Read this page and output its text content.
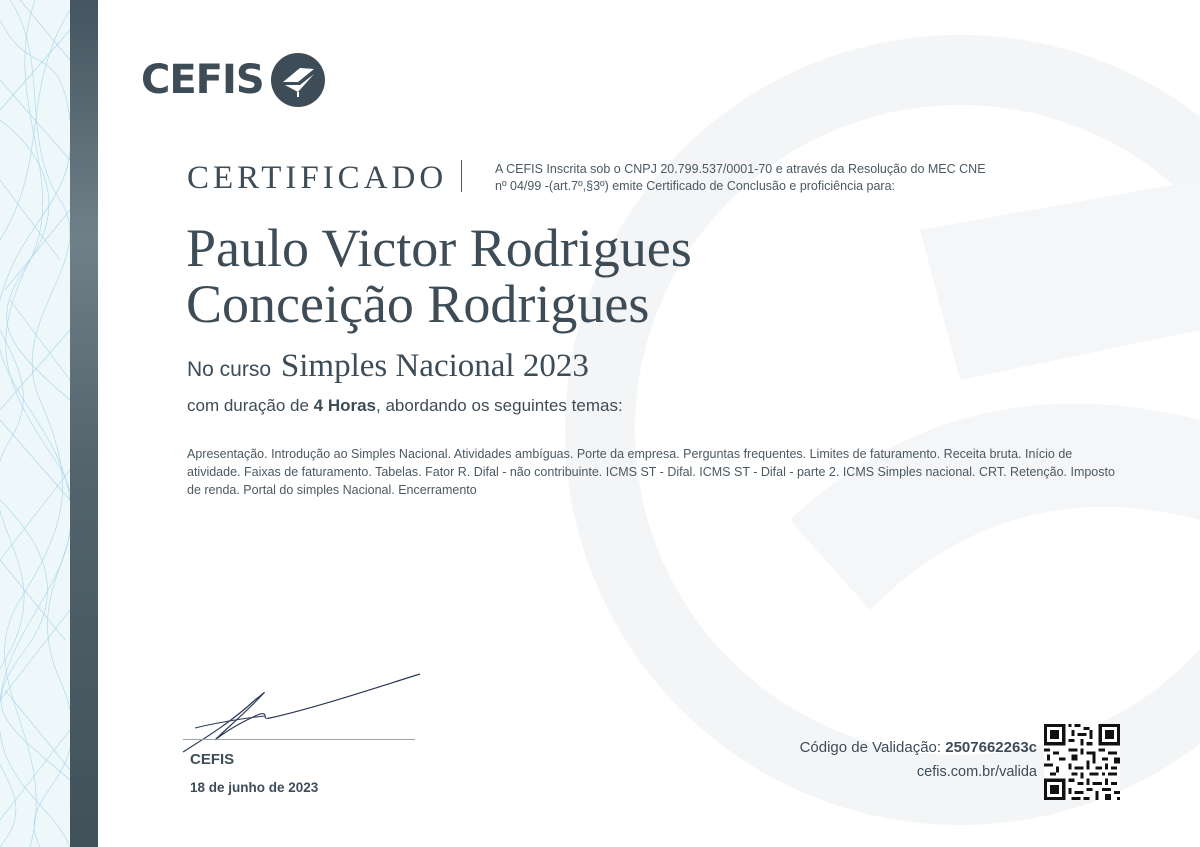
CEFIS
CERTIFICADO	A CEFIS Inscrita sob o CNPJ 20.799.537/0001-70 e através da Resolução do MEC CNE
nº 04/99 -(art.7º,§3º) emite Certificado de Conclusão e proficiência para:
Paulo Victor Rodrigues
Conceição Rodrigues
No curso Simples Nacional 2023
com duração de 4 Horas, abordando os seguintes temas:
Apresentação. Introdução ao Simples Nacional. Atividades ambíguas. Porte da empresa. Perguntas frequentes. Limites de faturamento. Receita bruta. Início de atividade. Faixas de faturamento. Tabelas. Fator R. Difal - não contribuinte. ICMS ST - Difal. ICMS ST - Difal - parte 2. ICMS Simples nacional. CRT. Retenção. Imposto de renda. Portal do simples Nacional. Encerramento
CEFIS
18 de junho de 2023
Código de Validação: 2507662263c
cefis.com.br/valida
